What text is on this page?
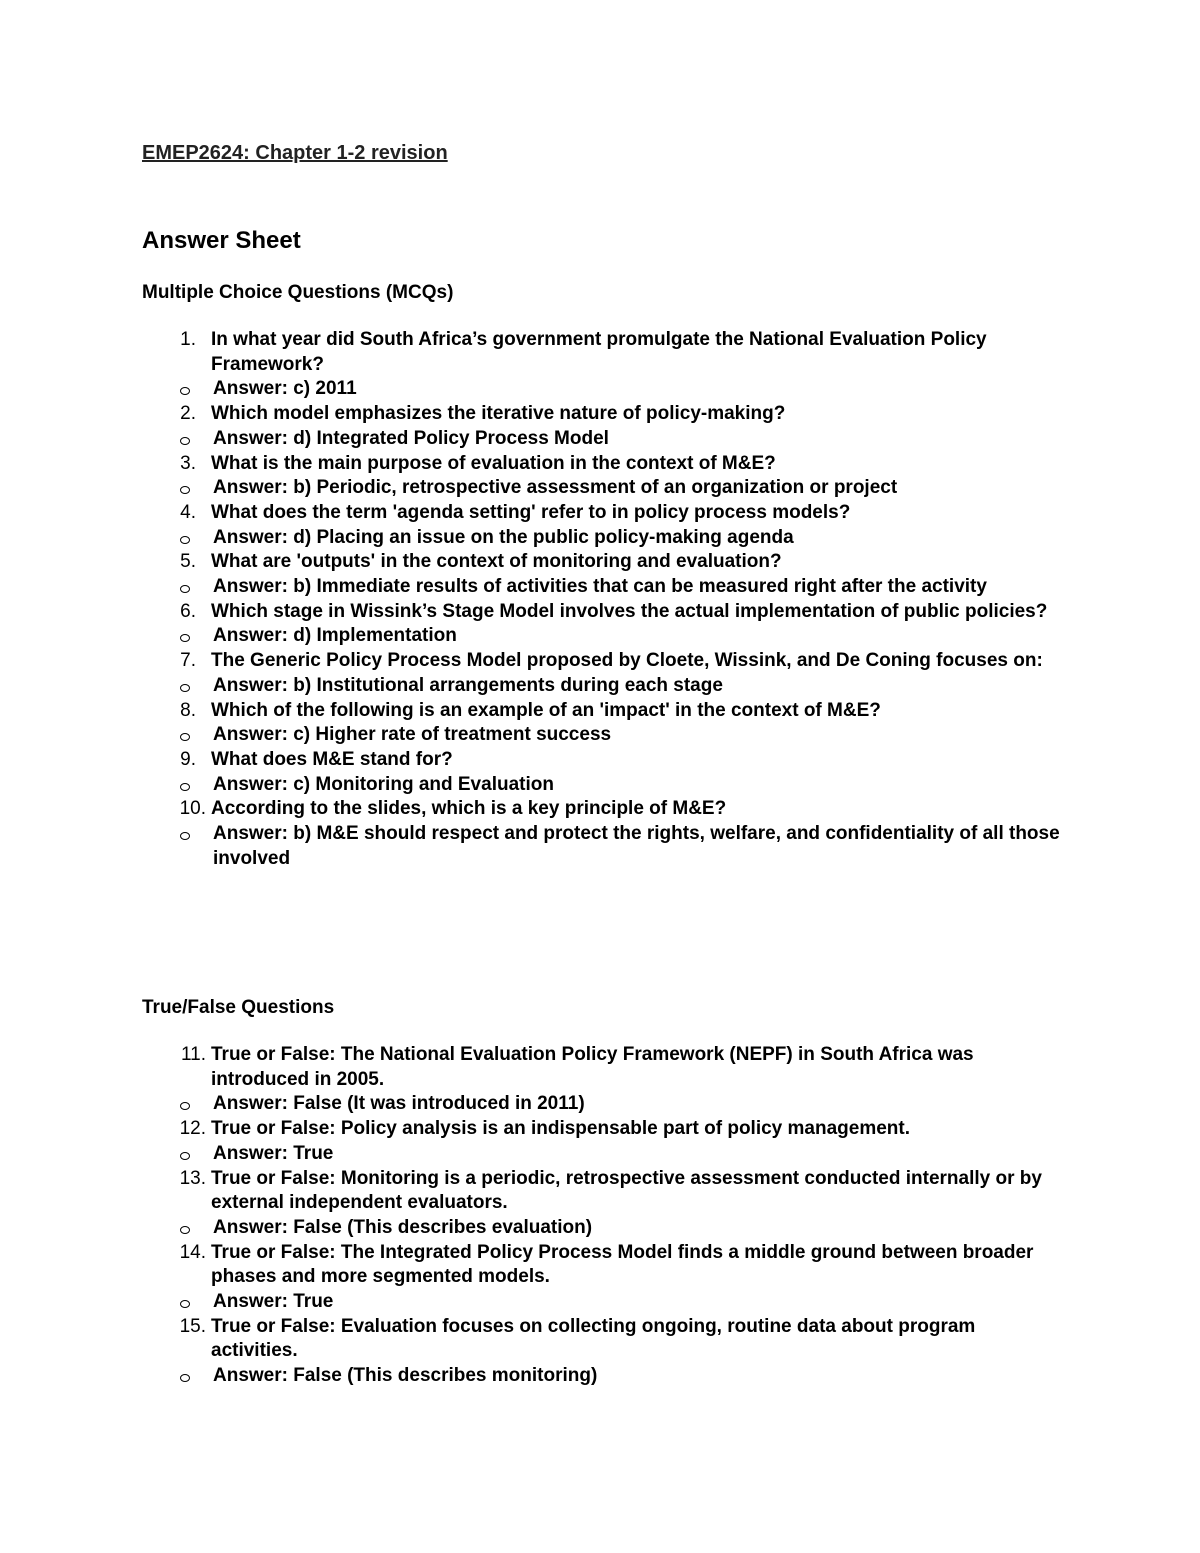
EMEP2624: Chapter 1-2 revision
Answer Sheet
Multiple Choice Questions (MCQs)
1. In what year did South Africa’s government promulgate the National Evaluation Policy Framework?
Answer: c) 2011
2. Which model emphasizes the iterative nature of policy-making?
Answer: d) Integrated Policy Process Model
3. What is the main purpose of evaluation in the context of M&E?
Answer: b) Periodic, retrospective assessment of an organization or project
4. What does the term 'agenda setting' refer to in policy process models?
Answer: d) Placing an issue on the public policy-making agenda
5. What are 'outputs' in the context of monitoring and evaluation?
Answer: b) Immediate results of activities that can be measured right after the activity
6. Which stage in Wissink’s Stage Model involves the actual implementation of public policies?
Answer: d) Implementation
7. The Generic Policy Process Model proposed by Cloete, Wissink, and De Coning focuses on:
Answer: b) Institutional arrangements during each stage
8. Which of the following is an example of an 'impact' in the context of M&E?
Answer: c) Higher rate of treatment success
9. What does M&E stand for?
Answer: c) Monitoring and Evaluation
10. According to the slides, which is a key principle of M&E?
Answer: b) M&E should respect and protect the rights, welfare, and confidentiality of all those involved
True/False Questions
11. True or False: The National Evaluation Policy Framework (NEPF) in South Africa was introduced in 2005.
Answer: False (It was introduced in 2011)
12. True or False: Policy analysis is an indispensable part of policy management.
Answer: True
13. True or False: Monitoring is a periodic, retrospective assessment conducted internally or by external independent evaluators.
Answer: False (This describes evaluation)
14. True or False: The Integrated Policy Process Model finds a middle ground between broader phases and more segmented models.
Answer: True
15. True or False: Evaluation focuses on collecting ongoing, routine data about program activities.
Answer: False (This describes monitoring)
